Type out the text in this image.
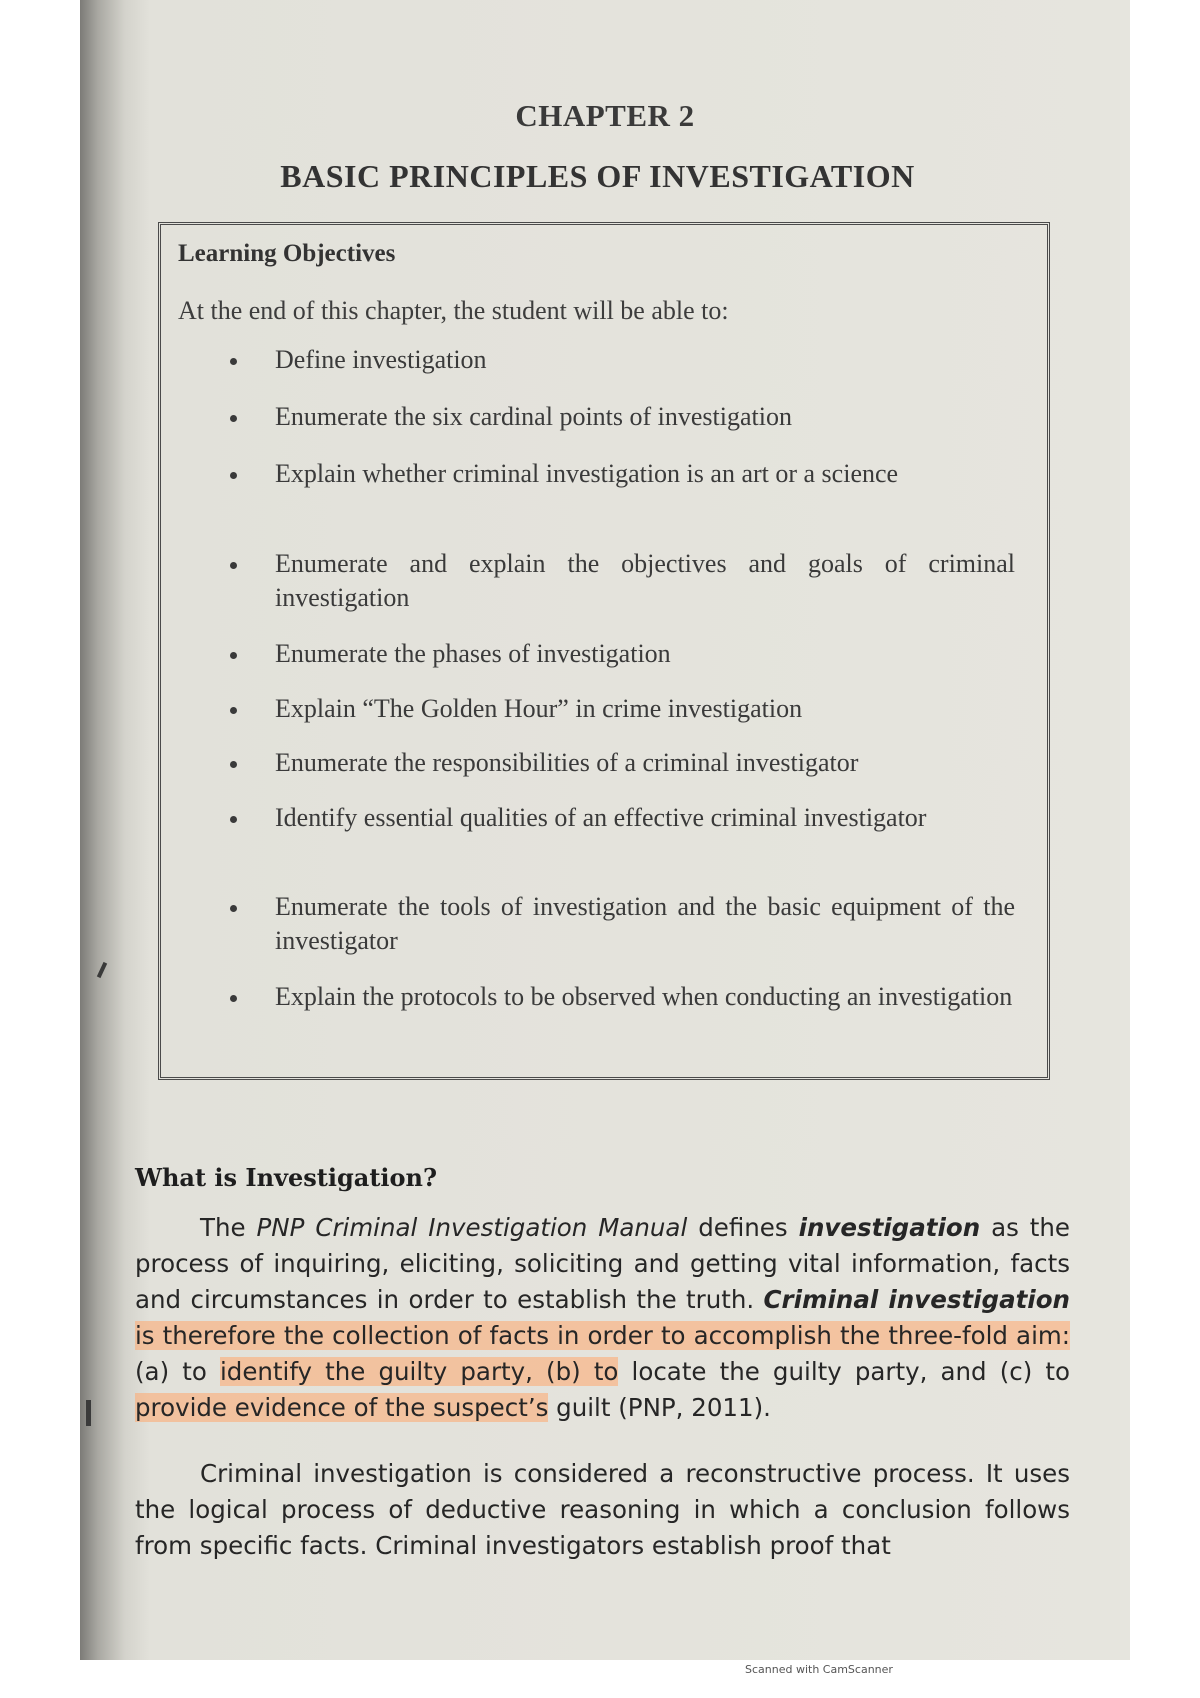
CHAPTER 2
BASIC PRINCIPLES OF INVESTIGATION
Learning Objectives
At the end of this chapter, the student will be able to:
Define investigation
Enumerate the six cardinal points of investigation
Explain whether criminal investigation is an art or a science
Enumerate and explain the objectives and goals of criminal investigation
Enumerate the phases of investigation
Explain “The Golden Hour” in crime investigation
Enumerate the responsibilities of a criminal investigator
Identify essential qualities of an effective criminal investigator
Enumerate the tools of investigation and the basic equipment of the investigator
Explain the protocols to be observed when conducting an investigation
What is Investigation?

The PNP Criminal Investigation Manual defines investigation as the process of inquiring, eliciting, soliciting and getting vital information, facts and circumstances in order to establish the truth. Criminal investigation is therefore the collection of facts in order to accomplish the three-fold aim: (a) to identify the guilty party, (b) to locate the guilty party, and (c) to provide evidence of the suspect’s guilt (PNP, 2011).

Criminal investigation is considered a reconstructive process. It uses the logical process of deductive reasoning in which a conclusion follows from specific facts. Criminal investigators establish proof that

Scanned with CamScanner
